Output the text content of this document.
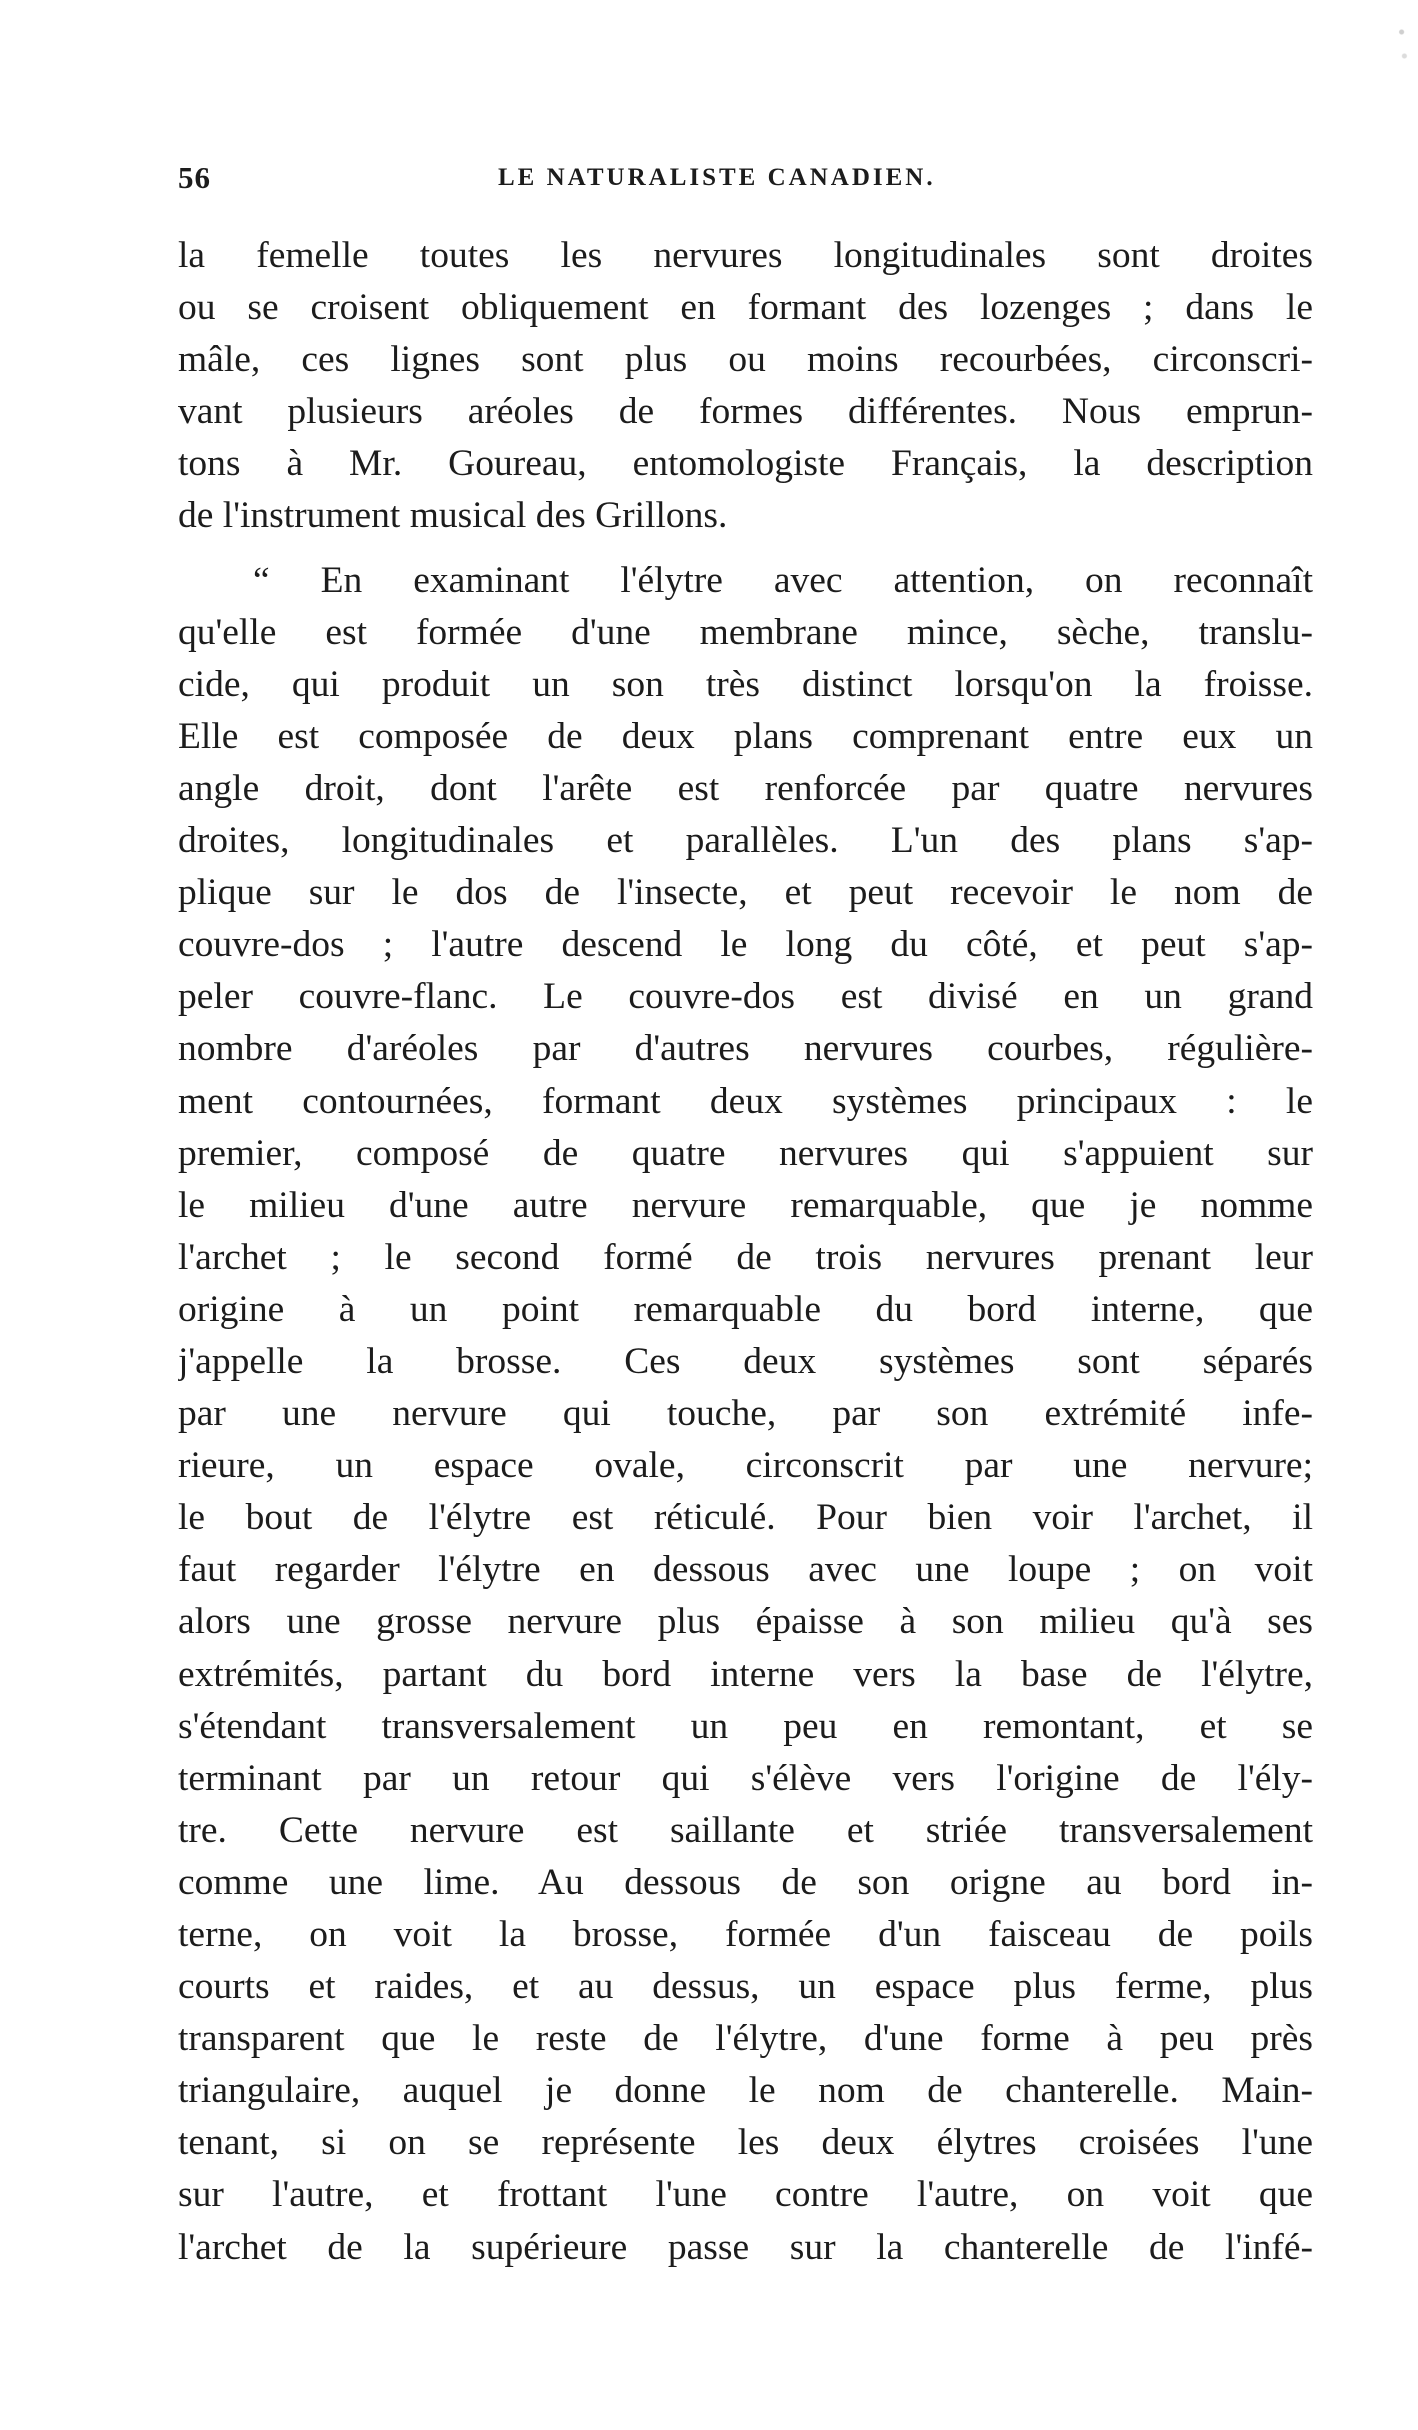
56	LE NATURALISTE CANADIEN.
la femelle toutes les nervures longitudinales sont droites
ou se croisent obliquement en formant des lozenges ; dans le
mâle, ces lignes sont plus ou moins recourbées, circonscri-
vant plusieurs aréoles de formes différentes. Nous emprun-
tons à Mr. Goureau, entomologiste Français, la description
de l'instrument musical des Grillons.
“ En examinant l'élytre avec attention, on reconnaît
qu'elle est formée d'une membrane mince, sèche, translu-
cide, qui produit un son très distinct lorsqu'on la froisse.
Elle est composée de deux plans comprenant entre eux un
angle droit, dont l'arête est renforcée par quatre nervures
droites, longitudinales et parallèles. L'un des plans s'ap-
plique sur le dos de l'insecte, et peut recevoir le nom de
couvre-dos ; l'autre descend le long du côté, et peut s'ap-
peler couvre-flanc. Le couvre-dos est divisé en un grand
nombre d'aréoles par d'autres nervures courbes, régulière-
ment contournées, formant deux systèmes principaux : le
premier, composé de quatre nervures qui s'appuient sur
le milieu d'une autre nervure remarquable, que je nomme
l'archet ; le second formé de trois nervures prenant leur
origine à un point remarquable du bord interne, que
j'appelle la brosse. Ces deux systèmes sont séparés
par une nervure qui touche, par son extrémité infe-
rieure, un espace ovale, circonscrit par une nervure;
le bout de l'élytre est réticulé. Pour bien voir l'archet, il
faut regarder l'élytre en dessous avec une loupe ; on voit
alors une grosse nervure plus épaisse à son milieu qu'à ses
extrémités, partant du bord interne vers la base de l'élytre,
s'étendant transversalement un peu en remontant, et se
terminant par un retour qui s'élève vers l'origine de l'ély-
tre. Cette nervure est saillante et striée transversalement
comme une lime. Au dessous de son origne au bord in-
terne, on voit la brosse, formée d'un faisceau de poils
courts et raides, et au dessus, un espace plus ferme, plus
transparent que le reste de l'élytre, d'une forme à peu près
triangulaire, auquel je donne le nom de chanterelle. Main-
tenant, si on se représente les deux élytres croisées l'une
sur l'autre, et frottant l'une contre l'autre, on voit que
l'archet de la supérieure passe sur la chanterelle de l'infé-
